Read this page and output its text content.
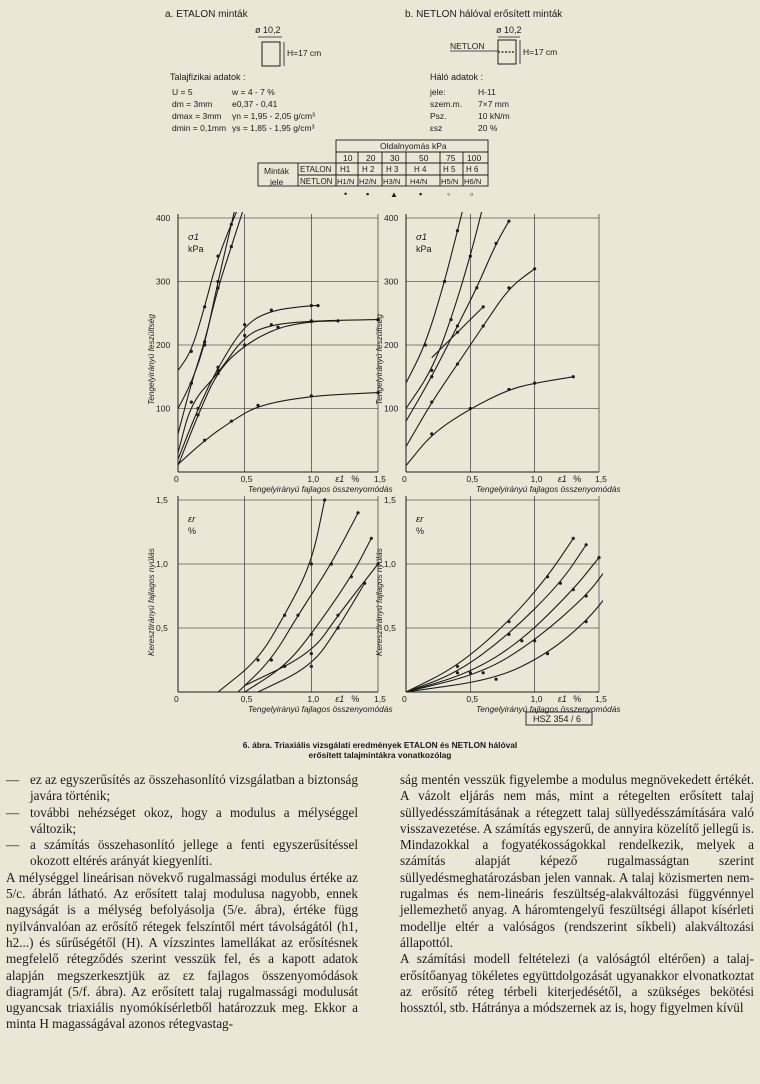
a. ETALON minták
ø 10,2
H=17 cm
Talajfizikai adatok :
U = 5	w = 4 - 7 %
dm = 3mm e0,37 - 0,41
dmax = 3mm γn = 1,95 - 2,05 g/cm³
dmin = 0,1mm γs = 1,85 - 1,95 g/cm³
b. NETLON hálóval erősített minták
ø 10,2
NETLON
H=17 cm
Háló adatok :
jele:	H-11
szem.m. 7×7 mm
Psz.	10 kN/m
εsz	20 %
Oldalnyomás kPa
10 20 30 50 75 100
Minták
jele
ETALON
NETLON
H1 H 2 H 3 H 4 H 5 H 6
H1/N H2/N H3/N H4/N H5/N H6/N
• ▪	▲ ▪	◦ ▫
0	0,5	1,0	1,5
100
200
300
400
σ1
kPa
ε1 %
Tengelyirányú fajlagos összenyomódás
Tengelyirányú feszültség
0	0,5	1,0	1,5
100
200
300
400
σ1
kPa
ε1 %
Tengelyirányú fajlagos összenyomódás
Tengelyirányú feszültség
0	0,5	1,0	1,5
0,5
1,0
1,5
εr
%
ε1 %
Tengelyirányú fajlagos összenyomódás
Keresztirányú fajlagos nyúlás
0	0,5	1,0	1,5
0,5
1,0
1,5
εr
%
ε1 %
Tengelyirányú fajlagos összenyomódás
Keresztirányú fajlagos nyúlás
HSZ 354 / 6
6. ábra. Triaxiális vizsgálati eredmények ETALON és NETLON hálóval
erősített talajmintákra vonatkozólag
— ez az egyszerűsítés az összehasonlító vizsgálatban a biztonság javára történik;
— további nehézséget okoz, hogy a modulus a mélységgel változik;
— a számítás összehasonlító jellege a fenti egyszerűsítéssel okozott eltérés arányát kiegyenlíti.

A mélységgel lineárisan növekvő rugalmassági modulus értéke az 5/c. ábrán látható. Az erősített talaj modulusa nagyobb, ennek nagyságát is a mélység befolyásolja (5/e. ábra), értéke függ nyilvánvalóan az erősítő rétegek felszíntől mért távolságától (h1, h2...) és sűrűségétől (H). A vízszintes lamellákat az erősítésnek megfelelő rétegződés szerint vesszük fel, és a kapott adatok alapján megszerkesztjük az εz fajlagos összenyomódások diagramját (5/f. ábra). Az erősített talaj rugalmassági modulusát ugyancsak triaxiális nyomókísérletből határozzuk meg. Ekkor a minta H magasságával azonos rétegvastag-

ság mentén vesszük figyelembe a modulus megnövekedett értékét. A vázolt eljárás nem más, mint a rétegelten erősített talaj süllyedésszámításának a rétegzett talaj süllyedésszámítására való visszavezetése. A számítás egyszerű, de annyira közelítő jellegű is. Mindazokkal a fogyatékosságokkal rendelkezik, melyek a számítás alapját képező rugalmasságtan szerint süllyedésmeghatározásban jelen vannak. A talaj közismerten nem-rugalmas és nem-lineáris feszültség-alakváltozási függvénnyel jellemezhető anyag. A háromtengelyű feszültségi állapot kísérleti modellje eltér a valóságos (rendszerint síkbeli) alakváltozási állapottól.

A számítási modell feltételezi (a valóságtól eltérően) a talaj-erősítőanyag tökéletes együttdolgozását ugyanakkor elvonatkoztat az erősítő réteg térbeli kiterjedésétől, a szükséges bekötési hossztól, stb. Hátránya a módszernek az is, hogy figyelmen kívül
